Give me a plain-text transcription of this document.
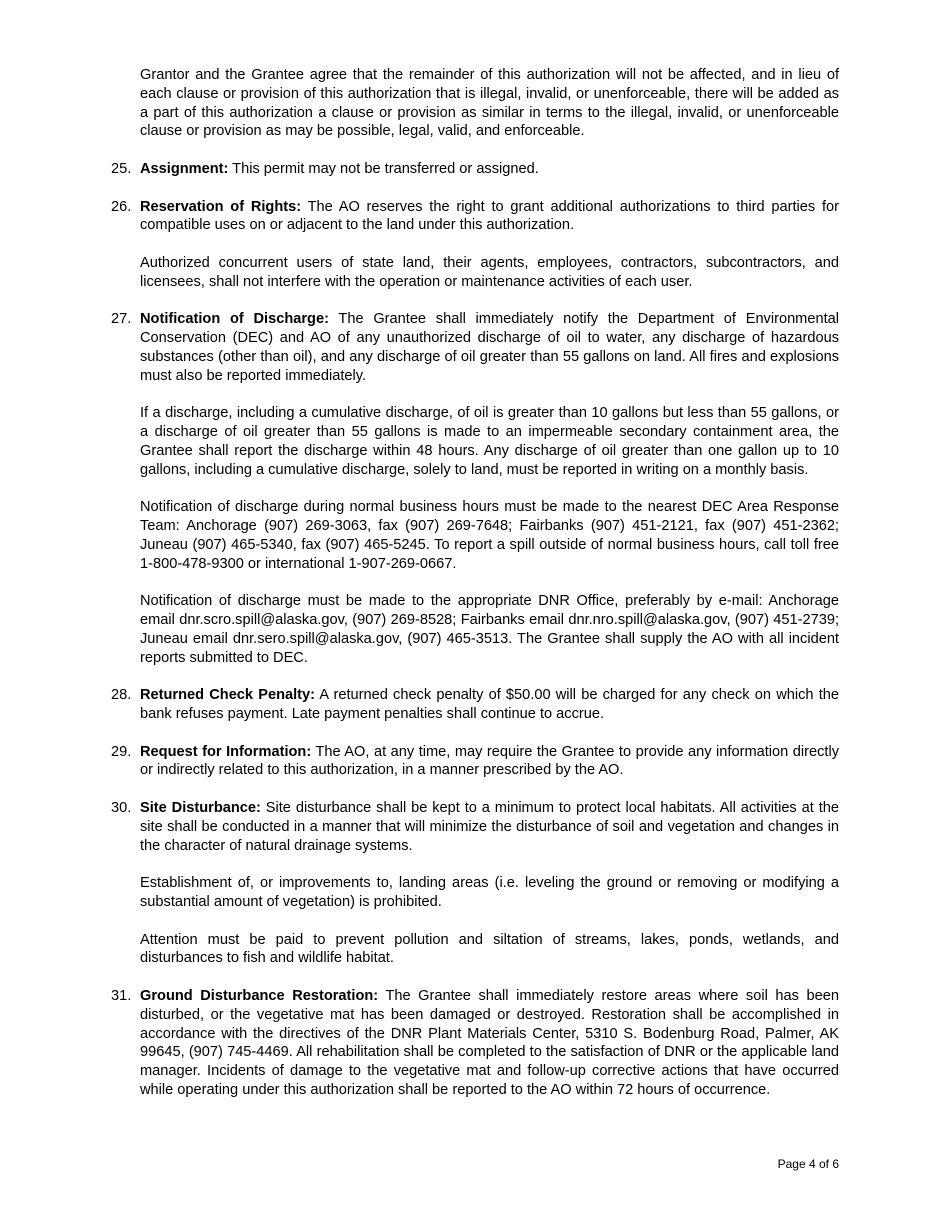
Grantor and the Grantee agree that the remainder of this authorization will not be affected, and in lieu of each clause or provision of this authorization that is illegal, invalid, or unenforceable, there will be added as a part of this authorization a clause or provision as similar in terms to the illegal, invalid, or unenforceable clause or provision as may be possible, legal, valid, and enforceable.

25. Assignment: This permit may not be transferred or assigned.

26. Reservation of Rights: The AO reserves the right to grant additional authorizations to third parties for compatible uses on or adjacent to the land under this authorization.

Authorized concurrent users of state land, their agents, employees, contractors, subcontractors, and licensees, shall not interfere with the operation or maintenance activities of each user.

27. Notification of Discharge: The Grantee shall immediately notify the Department of Environmental Conservation (DEC) and AO of any unauthorized discharge of oil to water, any discharge of hazardous substances (other than oil), and any discharge of oil greater than 55 gallons on land. All fires and explosions must also be reported immediately.

If a discharge, including a cumulative discharge, of oil is greater than 10 gallons but less than 55 gallons, or a discharge of oil greater than 55 gallons is made to an impermeable secondary containment area, the Grantee shall report the discharge within 48 hours. Any discharge of oil greater than one gallon up to 10 gallons, including a cumulative discharge, solely to land, must be reported in writing on a monthly basis.

Notification of discharge during normal business hours must be made to the nearest DEC Area Response Team: Anchorage (907) 269-3063, fax (907) 269-7648; Fairbanks (907) 451-2121, fax (907) 451-2362; Juneau (907) 465-5340, fax (907) 465-5245. To report a spill outside of normal business hours, call toll free 1-800-478-9300 or international 1-907-269-0667.

Notification of discharge must be made to the appropriate DNR Office, preferably by e-mail: Anchorage email dnr.scro.spill@alaska.gov, (907) 269-8528; Fairbanks email dnr.nro.spill@alaska.gov, (907) 451-2739; Juneau email dnr.sero.spill@alaska.gov, (907) 465-3513. The Grantee shall supply the AO with all incident reports submitted to DEC.

28. Returned Check Penalty: A returned check penalty of $50.00 will be charged for any check on which the bank refuses payment. Late payment penalties shall continue to accrue.

29. Request for Information: The AO, at any time, may require the Grantee to provide any information directly or indirectly related to this authorization, in a manner prescribed by the AO.

30. Site Disturbance: Site disturbance shall be kept to a minimum to protect local habitats. All activities at the site shall be conducted in a manner that will minimize the disturbance of soil and vegetation and changes in the character of natural drainage systems.

Establishment of, or improvements to, landing areas (i.e. leveling the ground or removing or modifying a substantial amount of vegetation) is prohibited.

Attention must be paid to prevent pollution and siltation of streams, lakes, ponds, wetlands, and disturbances to fish and wildlife habitat.

31. Ground Disturbance Restoration: The Grantee shall immediately restore areas where soil has been disturbed, or the vegetative mat has been damaged or destroyed. Restoration shall be accomplished in accordance with the directives of the DNR Plant Materials Center, 5310 S. Bodenburg Road, Palmer, AK 99645, (907) 745-4469. All rehabilitation shall be completed to the satisfaction of DNR or the applicable land manager. Incidents of damage to the vegetative mat and follow-up corrective actions that have occurred while operating under this authorization shall be reported to the AO within 72 hours of occurrence.

Page 4 of 6
